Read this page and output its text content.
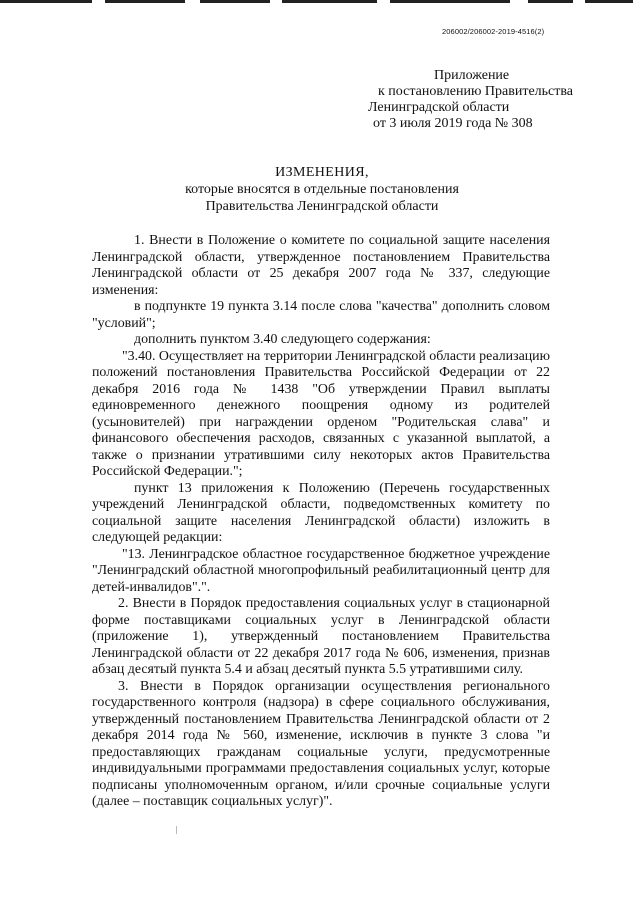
206002/206002-2019-4516(2)
Приложение
к постановлению Правительства
Ленинградской области
от 3 июля 2019 года № 308
ИЗМЕНЕНИЯ,
которые вносятся в отдельные постановления
Правительства Ленинградской области

1. Внести в Положение о комитете по социальной защите населения Ленинградской области, утвержденное постановлением Правительства Ленинградской области от 25 декабря 2007 года № 337, следующие изменения:

в подпункте 19 пункта 3.14 после слова "качества" дополнить словом "условий";

дополнить пунктом 3.40 следующего содержания:

"3.40. Осуществляет на территории Ленинградской области реализацию положений постановления Правительства Российской Федерации от 22 декабря 2016 года № 1438 "Об утверждении Правил выплаты единовременного денежного поощрения одному из родителей (усыновителей) при награждении орденом "Родительская слава" и финансового обеспечения расходов, связанных с указанной выплатой, а также о признании утратившими силу некоторых актов Правительства Российской Федерации.";

пункт 13 приложения к Положению (Перечень государственных учреждений Ленинградской области, подведомственных комитету по социальной защите населения Ленинградской области) изложить в следующей редакции:

"13. Ленинградское областное государственное бюджетное учреждение "Ленинградский областной многопрофильный реабилитационный центр для детей-инвалидов".".

2. Внести в Порядок предоставления социальных услуг в стационарной форме поставщиками социальных услуг в Ленинградской области (приложение 1), утвержденный постановлением Правительства Ленинградской области от 22 декабря 2017 года № 606, изменения, признав абзац десятый пункта 5.4 и абзац десятый пункта 5.5 утратившими силу.

3. Внести в Порядок организации осуществления регионального государственного контроля (надзора) в сфере социального обслуживания, утвержденный постановлением Правительства Ленинградской области от 2 декабря 2014 года № 560, изменение, исключив в пункте 3 слова "и предоставляющих гражданам социальные услуги, предусмотренные индивидуальными программами предоставления социальных услуг, которые подписаны уполномоченным органом, и/или срочные социальные услуги (далее – поставщик социальных услуг)".
